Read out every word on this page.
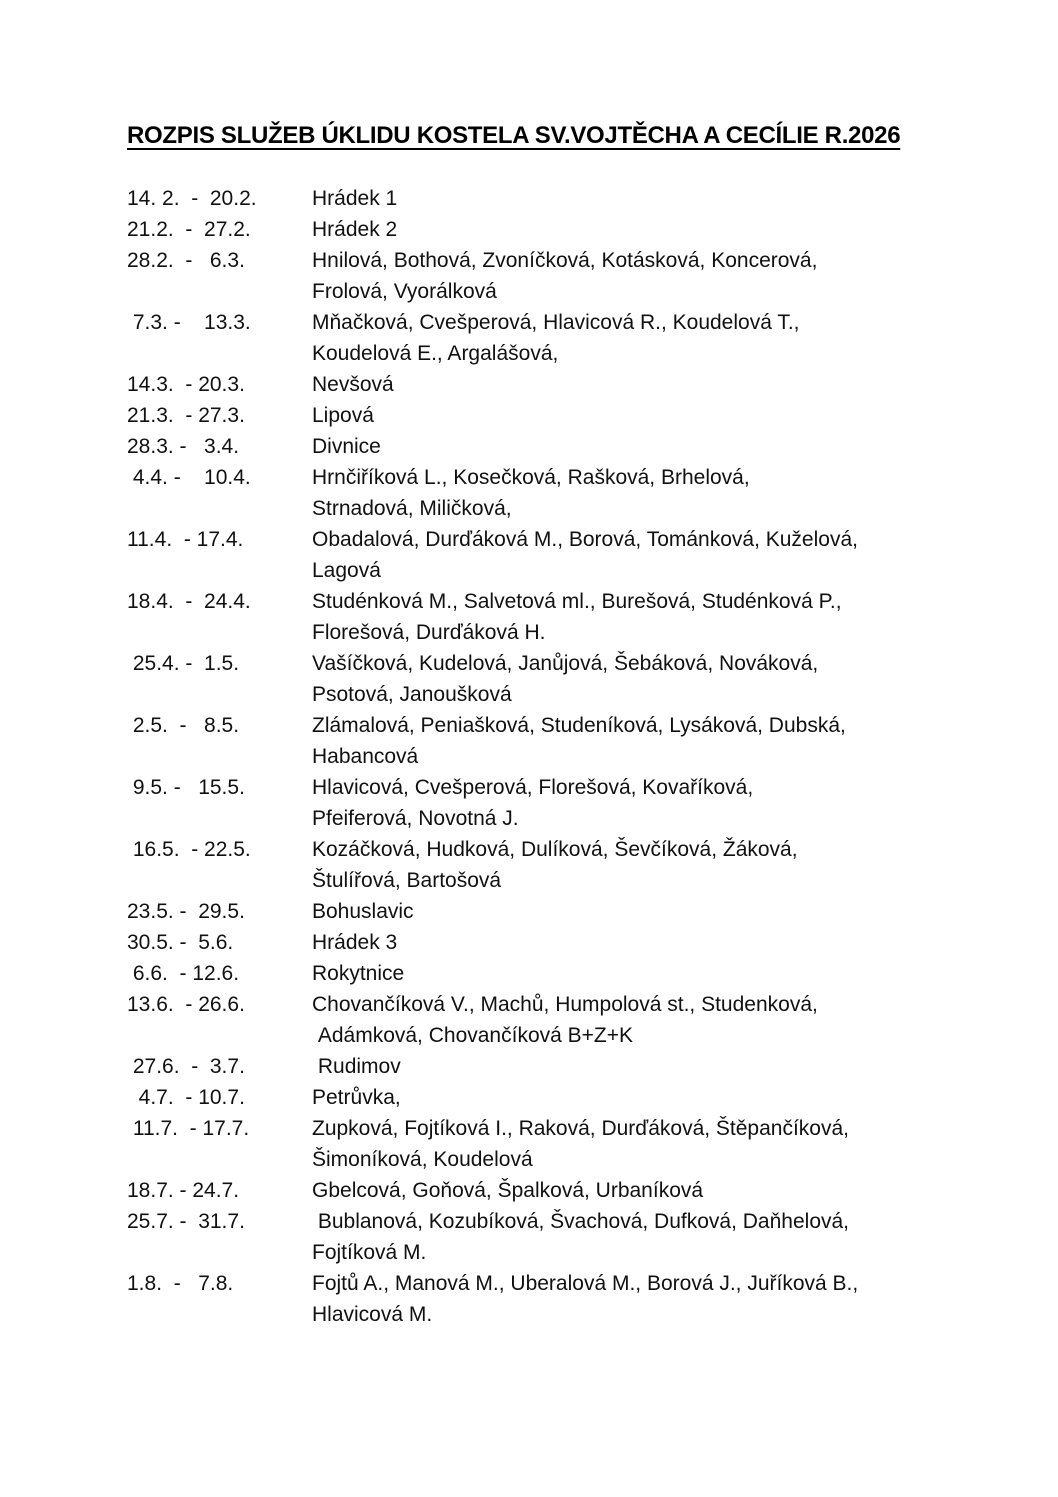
ROZPIS SLUŽEB ÚKLIDU KOSTELA SV.VOJTĚCHA A CECÍLIE R.2026
14. 2.  -  20.2.	Hrádek 1
21.2.  -  27.2.	Hrádek 2
28.2.  -   6.3.	Hnilová, Bothová, Zvoníčková, Kotásková, Koncerová,
Frolová, Vyorálková
7.3. -    13.3.	Mňačková, Cvešperová, Hlavicová R., Koudelová T.,
Koudelová E., Argalášová,
14.3.  - 20.3.	Nevšová
21.3.  - 27.3.	Lipová
28.3. -   3.4.	Divnice
4.4. -    10.4.	Hrnčiříková L., Kosečková, Rašková, Brhelová,
Strnadová, Miličková,
11.4.  - 17.4.	Obadalová, Durďáková M., Borová, Tománková, Kuželová,
Lagová
18.4.  -  24.4.	Studénková M., Salvetová ml., Burešová, Studénková P.,
Florešová, Durďáková H.
25.4. -  1.5.	Vašíčková, Kudelová, Janůjová, Šebáková, Nováková,
Psotová, Janoušková
2.5.  -   8.5.	Zlámalová, Peniašková, Studeníková, Lysáková, Dubská,
Habancová
9.5. -   15.5.	Hlavicová, Cvešperová, Florešová, Kovaříková,
Pfeiferová, Novotná J.
16.5.  - 22.5.	Kozáčková, Hudková, Dulíková, Ševčíková, Žáková,
Štulířová, Bartošová
23.5. -  29.5.	Bohuslavic
30.5. -  5.6.	Hrádek 3
6.6.  - 12.6.	Rokytnice
13.6.  - 26.6.	Chovančíková V., Machů, Humpolová st., Studenková,
Adámková, Chovančíková B+Z+K
27.6.  -  3.7.	Rudimov
4.7.  - 10.7.	Petrůvka,
11.7.  - 17.7.	Zupková, Fojtíková I., Raková, Durďáková, Štěpančíková,
Šimoníková, Koudelová
18.7. - 24.7.	Gbelcová, Goňová, Špalková, Urbaníková
25.7. -  31.7.	Bublanová, Kozubíková, Švachová, Dufková, Daňhelová,
Fojtíková M.
1.8.  -   7.8.	Fojtů A., Manová M., Uberalová M., Borová J., Juříková B.,
Hlavicová M.
